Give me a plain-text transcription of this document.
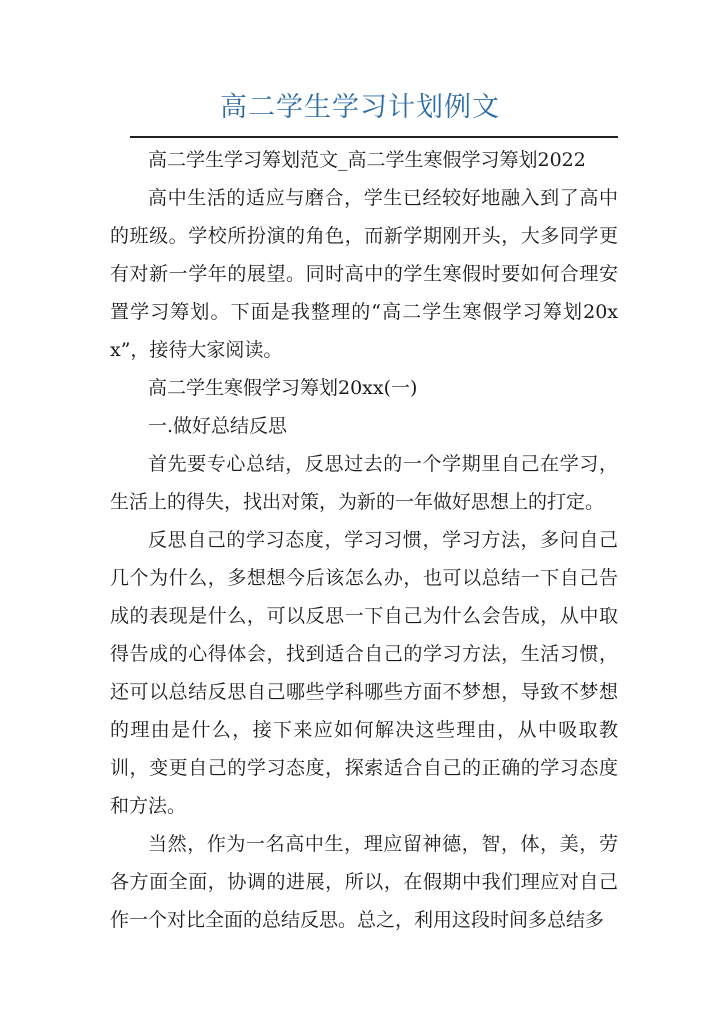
高二学生学习计划例文

高二学生学习筹划范文_高二学生寒假学习筹划2022

高中生活的适应与磨合，学生已经较好地融入到了高中的班级。学校所扮演的角色，而新学期刚开头，大多同学更有对新一学年的展望。同时高中的学生寒假时要如何合理安置学习筹划。下面是我整理的“高二学生寒假学习筹划20xx”，接待大家阅读。

高二学生寒假学习筹划20xx(一)

一.做好总结反思

首先要专心总结，反思过去的一个学期里自己在学习，生活上的得失，找出对策，为新的一年做好思想上的打定。

反思自己的学习态度，学习习惯，学习方法，多问自己几个为什么，多想想今后该怎么办，也可以总结一下自己告成的表现是什么，可以反思一下自己为什么会告成，从中取得告成的心得体会，找到适合自己的学习方法，生活习惯，还可以总结反思自己哪些学科哪些方面不梦想，导致不梦想的理由是什么，接下来应如何解决这些理由，从中吸取教训，变更自己的学习态度，探索适合自己的正确的学习态度和方法。

当然，作为一名高中生，理应留神德，智，体，美，劳各方面全面，协调的进展，所以，在假期中我们理应对自己作一个对比全面的总结反思。总之，利用这段时间多总结多
